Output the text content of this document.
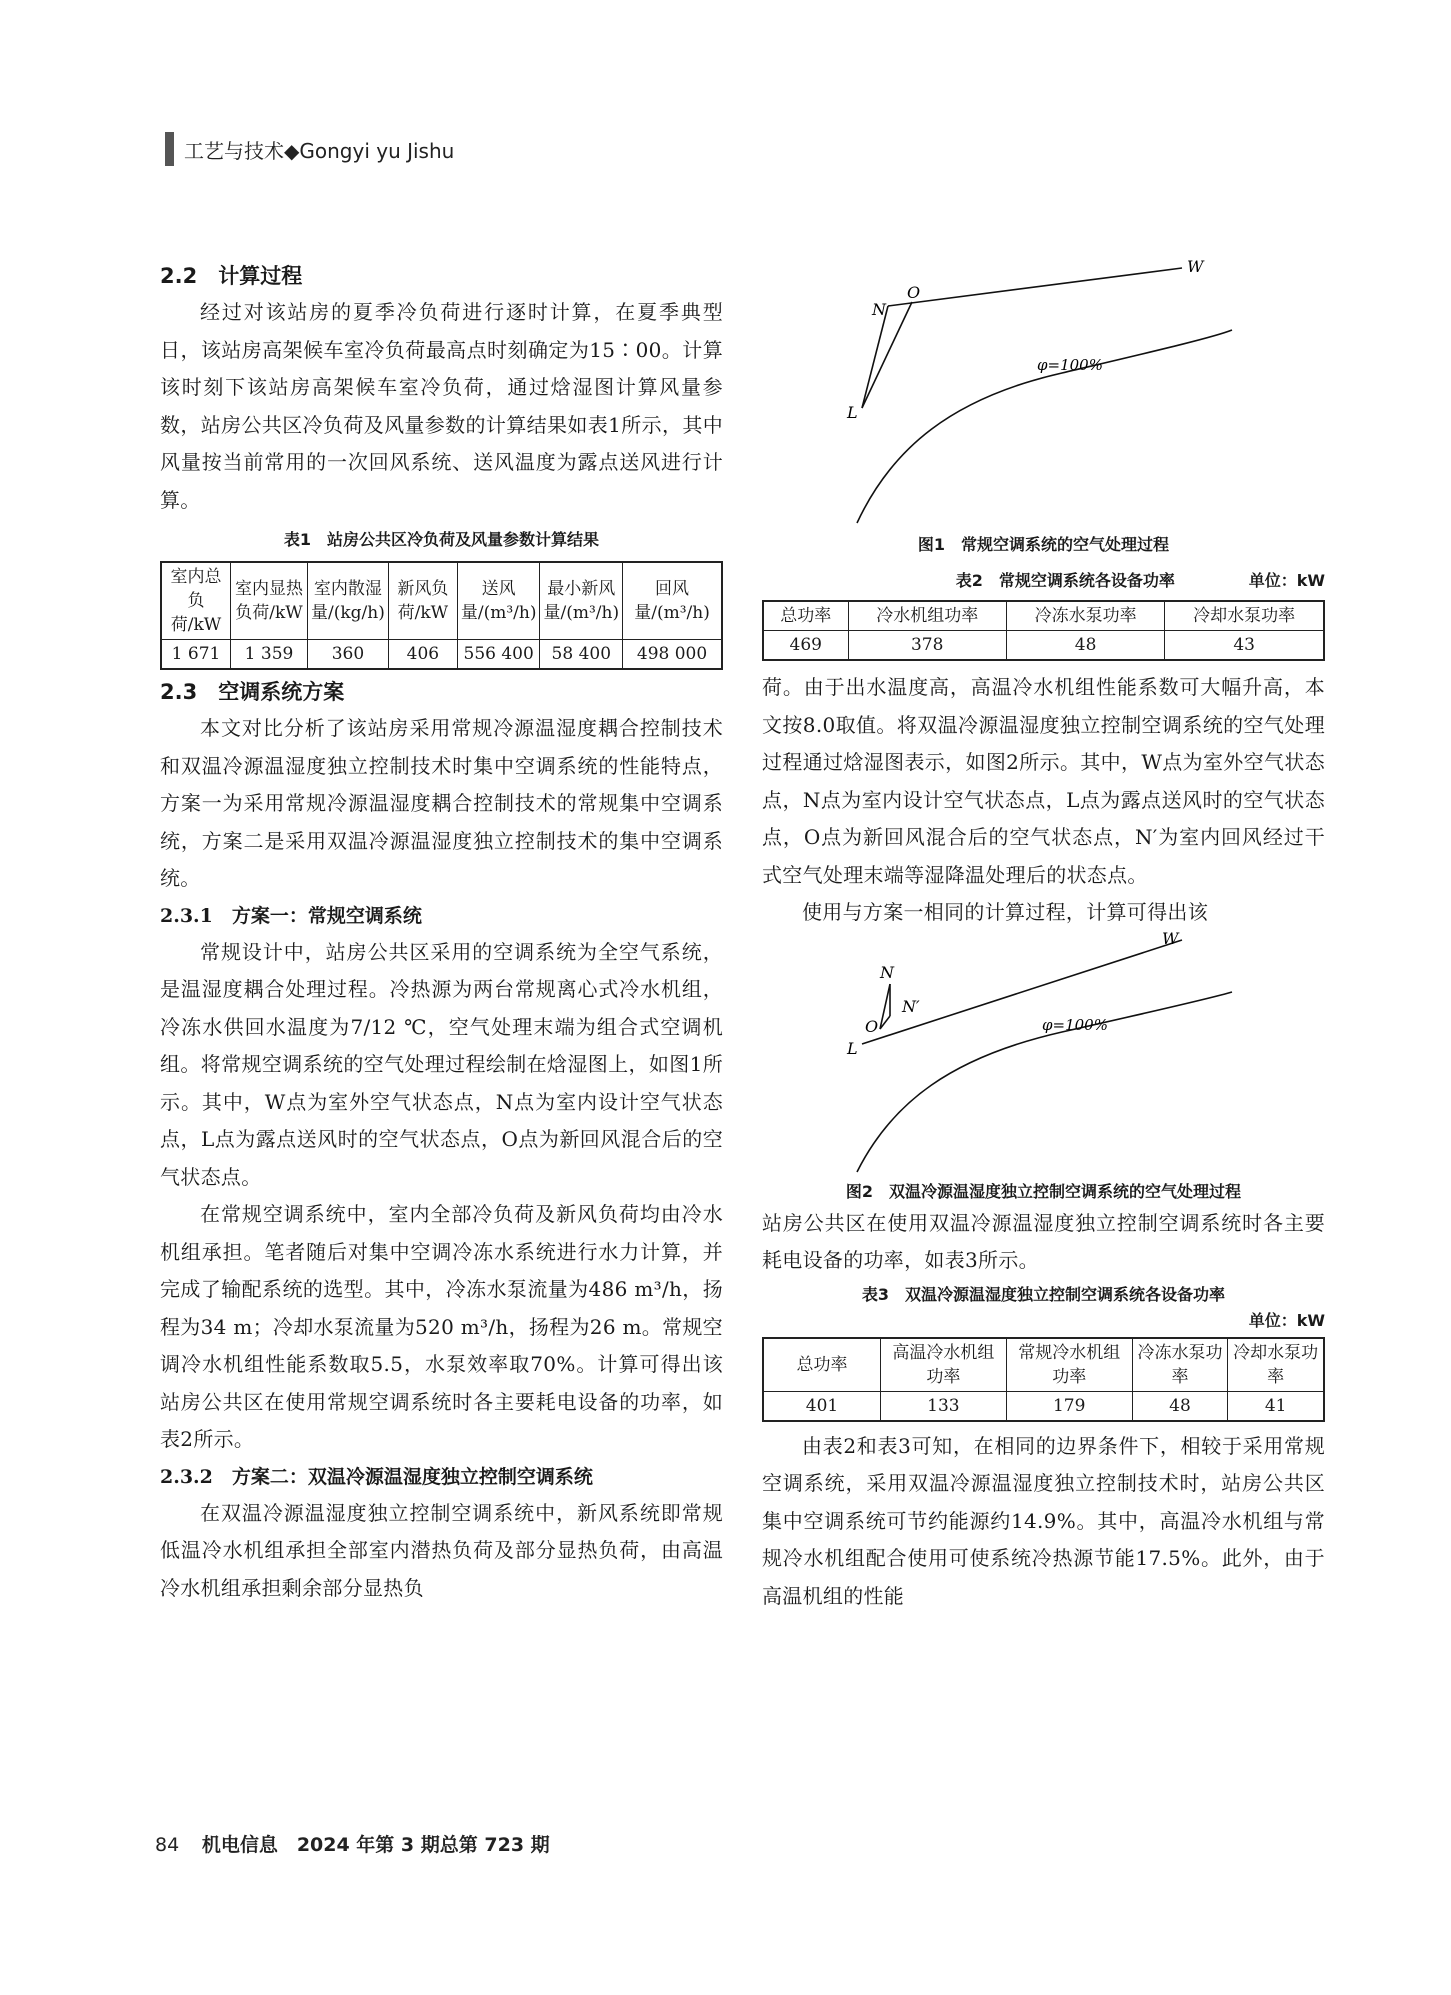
工艺与技术◆Gongyi yu Jishu
2.2　计算过程

经过对该站房的夏季冷负荷进行逐时计算，在夏季典型日，该站房高架候车室冷负荷最高点时刻确定为15∶00。计算该时刻下该站房高架候车室冷负荷，通过焓湿图计算风量参数，站房公共区冷负荷及风量参数的计算结果如表1所示，其中风量按当前常用的一次回风系统、送风温度为露点送风进行计算。

表1　站房公共区冷负荷及风量参数计算结果
室内总负荷/kW	室内显热负荷/kW	室内散湿量/(kg/h)	新风负荷/kW	送风量/(m³/h)	最小新风量/(m³/h)	回风量/(m³/h)
1 671	1 359	360	406	556 400	58 400	498 000
2.3　空调系统方案

本文对比分析了该站房采用常规冷源温湿度耦合控制技术和双温冷源温湿度独立控制技术时集中空调系统的性能特点，方案一为采用常规冷源温湿度耦合控制技术的常规集中空调系统，方案二是采用双温冷源温湿度独立控制技术的集中空调系统。

2.3.1　方案一：常规空调系统

常规设计中，站房公共区采用的空调系统为全空气系统，是温湿度耦合处理过程。冷热源为两台常规离心式冷水机组，冷冻水供回水温度为7/12 ℃，空气处理末端为组合式空调机组。将常规空调系统的空气处理过程绘制在焓湿图上，如图1所示。其中，W点为室外空气状态点，N点为室内设计空气状态点，L点为露点送风时的空气状态点，O点为新回风混合后的空气状态点。

在常规空调系统中，室内全部冷负荷及新风负荷均由冷水机组承担。笔者随后对集中空调冷冻水系统进行水力计算，并完成了输配系统的选型。其中，冷冻水泵流量为486 m³/h，扬程为34 m；冷却水泵流量为520 m³/h，扬程为26 m。常规空调冷水机组性能系数取5.5，水泵效率取70%。计算可得出该站房公共区在使用常规空调系统时各主要耗电设备的功率，如表2所示。

2.3.2　方案二：双温冷源温湿度独立控制空调系统

在双温冷源温湿度独立控制空调系统中，新风系统即常规低温冷水机组承担全部室内潜热负荷及部分显热负荷，由高温冷水机组承担剩余部分显热负

W
O
N
L
φ=100%
图1　常规空调系统的空气处理过程
表2　常规空调系统各设备功率	单位：kW
总功率	冷水机组功率	冷冻水泵功率	冷却水泵功率
469	378	48	43

荷。由于出水温度高，高温冷水机组性能系数可大幅升高，本文按8.0取值。将双温冷源温湿度独立控制空调系统的空气处理过程通过焓湿图表示，如图2所示。其中，W点为室外空气状态点，N点为室内设计空气状态点，L点为露点送风时的空气状态点，O点为新回风混合后的空气状态点，N′为室内回风经过干式空气处理末端等湿降温处理后的状态点。

使用与方案一相同的计算过程，计算可得出该

W
N
N′
O
L
φ=100%
图2　双温冷源温湿度独立控制空调系统的空气处理过程

站房公共区在使用双温冷源温湿度独立控制空调系统时各主要耗电设备的功率，如表3所示。

表3　双温冷源温湿度独立控制空调系统各设备功率
单位：kW
总功率	高温冷水机组功率	常规冷水机组功率	冷冻水泵功率	冷却水泵功率
401	133	179	48	41

由表2和表3可知，在相同的边界条件下，相较于采用常规空调系统，采用双温冷源温湿度独立控制技术时，站房公共区集中空调系统可节约能源约14.9%。其中，高温冷水机组与常规冷水机组配合使用可使系统冷热源节能17.5%。此外，由于高温机组的性能

84 机电信息　2024 年第 3 期总第 723 期
